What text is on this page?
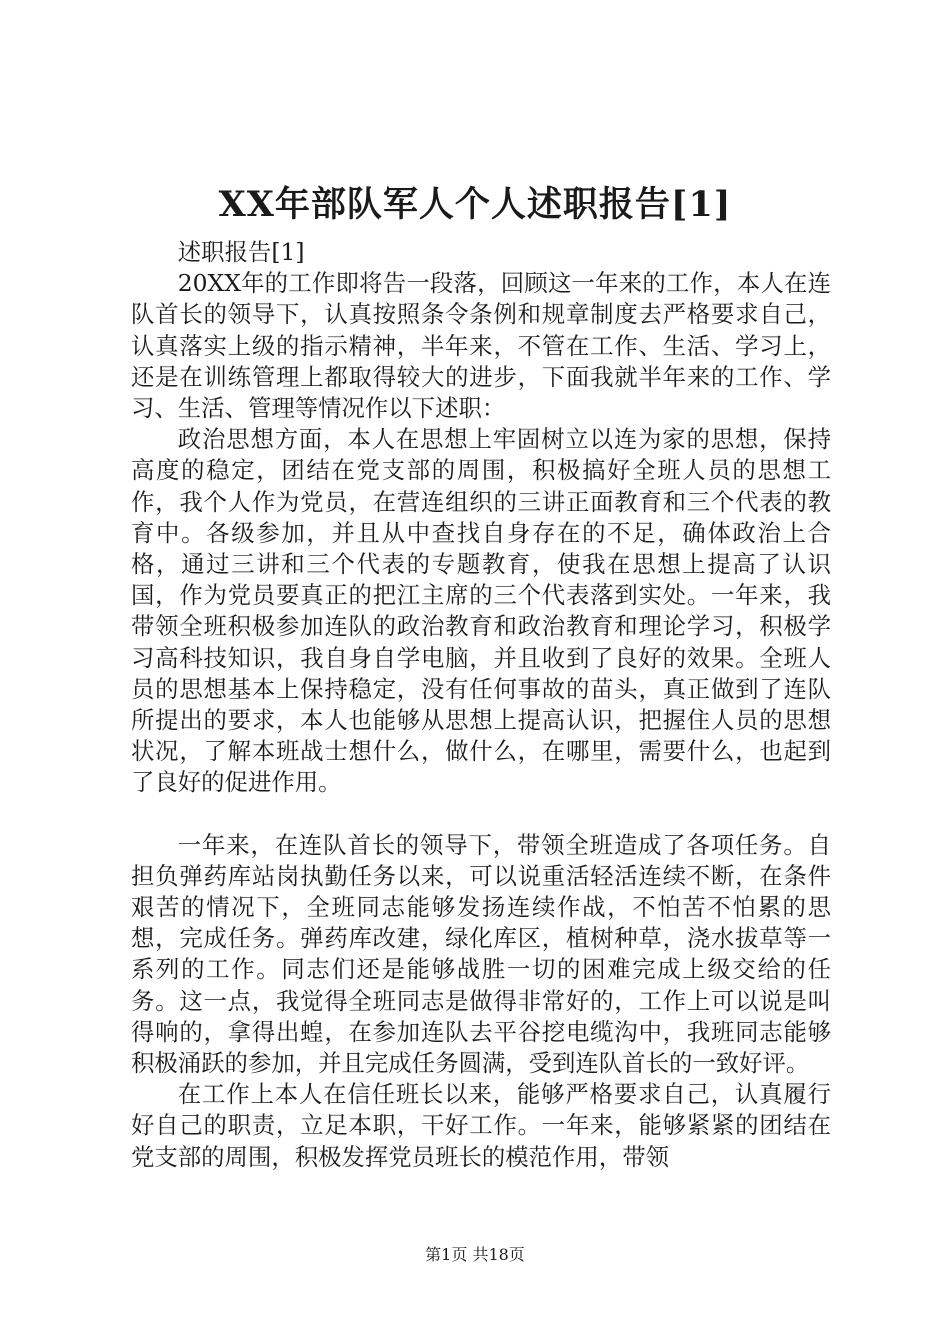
XX年部队军人个人述职报告[1]

述职报告[1]

20XX年的工作即将告一段落，回顾这一年来的工作，本人在连队首长的领导下，认真按照条令条例和规章制度去严格要求自己，认真落实上级的指示精神，半年来，不管在工作、生活、学习上，还是在训练管理上都取得较大的进步，下面我就半年来的工作、学习、生活、管理等情况作以下述职：

政治思想方面，本人在思想上牢固树立以连为家的思想，保持高度的稳定，团结在党支部的周围，积极搞好全班人员的思想工作，我个人作为党员，在营连组织的三讲正面教育和三个代表的教育中。各级参加，并且从中查找自身存在的不足，确体政治上合格，通过三讲和三个代表的专题教育，使我在思想上提高了认识国，作为党员要真正的把江主席的三个代表落到实处。一年来，我带领全班积极参加连队的政治教育和政治教育和理论学习，积极学习高科技知识，我自身自学电脑，并且收到了良好的效果。全班人员的思想基本上保持稳定，没有任何事故的苗头，真正做到了连队所提出的要求，本人也能够从思想上提高认识，把握住人员的思想状况，了解本班战士想什么，做什么，在哪里，需要什么，也起到了良好的促进作用。

一年来，在连队首长的领导下，带领全班造成了各项任务。自担负弹药库站岗执勤任务以来，可以说重活轻活连续不断，在条件艰苦的情况下，全班同志能够发扬连续作战，不怕苦不怕累的思想，完成任务。弹药库改建，绿化库区，植树种草，浇水拔草等一系列的工作。同志们还是能够战胜一切的困难完成上级交给的任务。这一点，我觉得全班同志是做得非常好的，工作上可以说是叫得响的，拿得出蝗，在参加连队去平谷挖电缆沟中，我班同志能够积极涌跃的参加，并且完成任务圆满，受到连队首长的一致好评。

在工作上本人在信任班长以来，能够严格要求自己，认真履行好自己的职责，立足本职，干好工作。一年来，能够紧紧的团结在党支部的周围，积极发挥党员班长的模范作用，带领

第1页 共18页
